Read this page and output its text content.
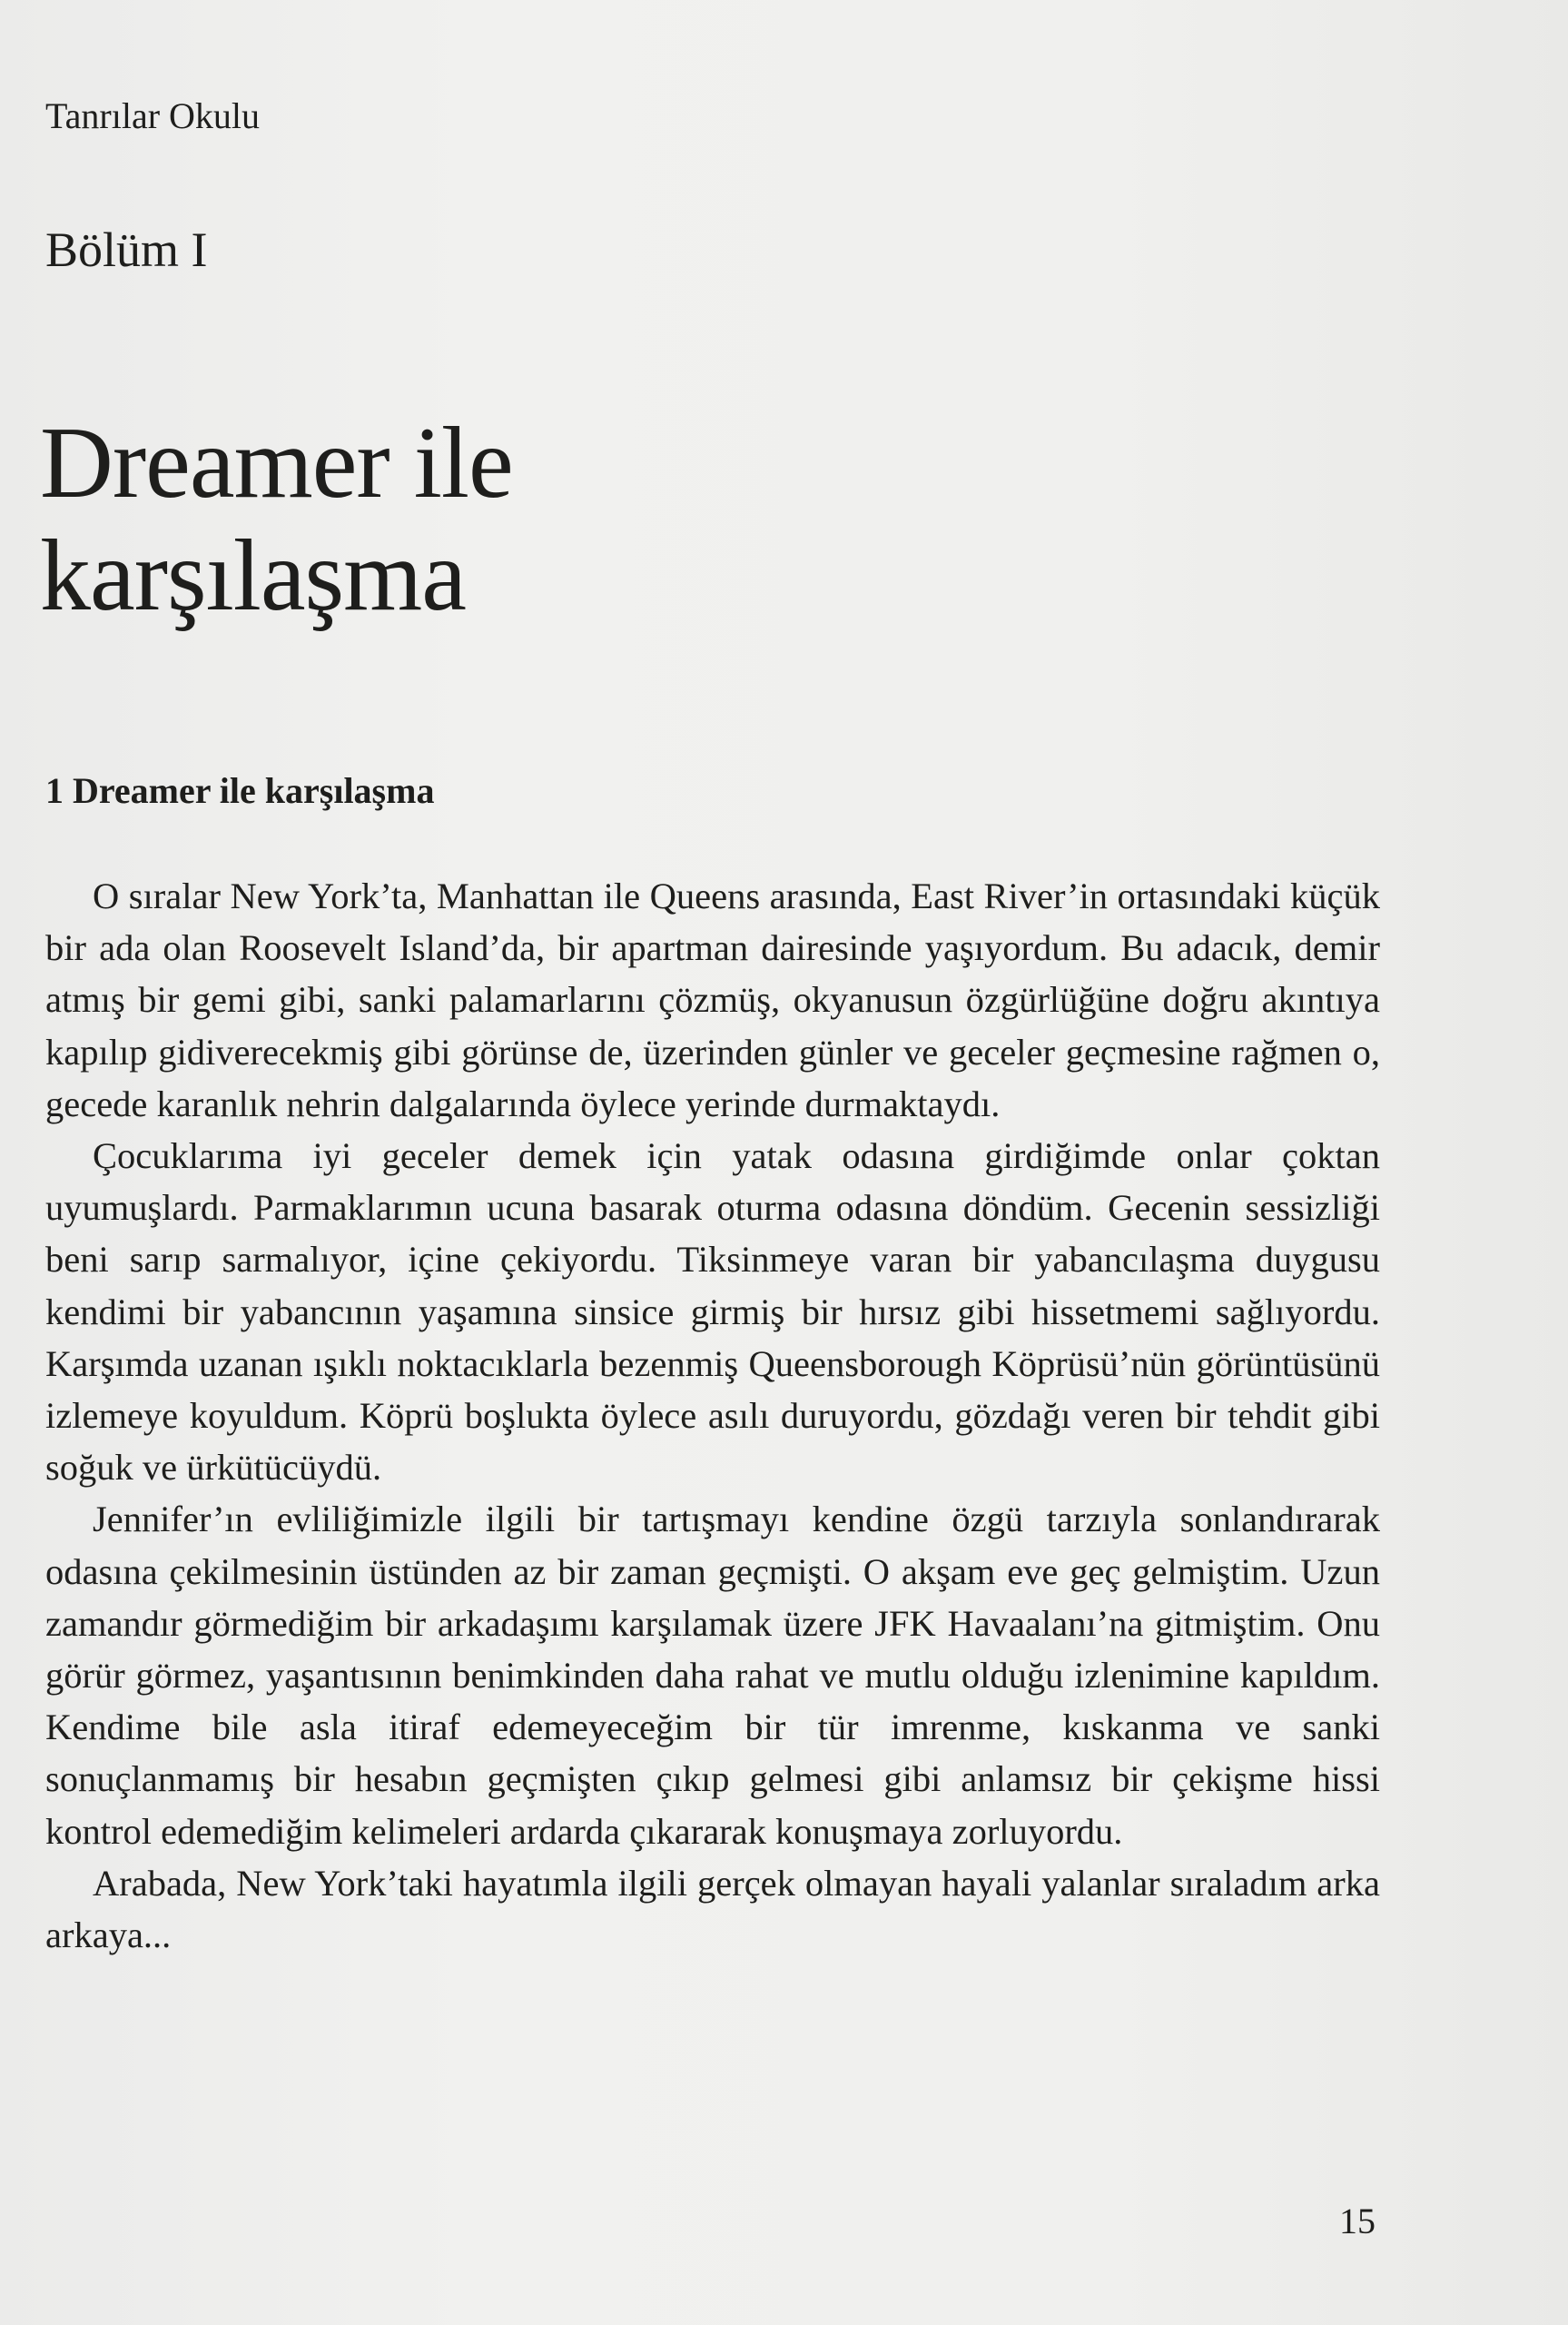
Tanrılar Okulu
Bölüm I
Dreamer ile
karşılaşma
1 Dreamer ile karşılaşma

O sıralar New York’ta, Manhattan ile Queens arasında, East River’in ortasındaki küçük bir ada olan Roosevelt Island’da, bir apartman dairesinde yaşıyordum. Bu adacık, demir atmış bir gemi gibi, sanki palamarlarını çözmüş, okyanusun özgürlüğüne doğru akıntıya kapılıp gidiverecekmiş gibi görünse de, üzerinden günler ve geceler geçmesine rağmen o, gecede karanlık nehrin dalgalarında öylece yerinde durmaktaydı.

Çocuklarıma iyi geceler demek için yatak odasına girdiğimde onlar çoktan uyumuşlardı. Parmaklarımın ucuna basarak oturma odasına döndüm. Gecenin sessizliği beni sarıp sarmalıyor, içine çekiyordu. Tiksinmeye varan bir yabancılaşma duygusu kendimi bir yabancının yaşamına sinsice girmiş bir hırsız gibi hissetmemi sağlıyordu. Karşımda uzanan ışıklı noktacıklarla bezenmiş Queensborough Köprüsü’nün görüntüsünü izlemeye koyuldum. Köprü boşlukta öylece asılı duruyordu, gözdağı veren bir tehdit gibi soğuk ve ürkütücüydü.

Jennifer’ın evliliğimizle ilgili bir tartışmayı kendine özgü tarzıyla sonlandırarak odasına çekilmesinin üstünden az bir zaman geçmişti. O akşam eve geç gelmiştim. Uzun zamandır görmediğim bir arkadaşımı karşılamak üzere JFK Havaalanı’na gitmiştim. Onu görür görmez, yaşantısının benimkinden daha rahat ve mutlu olduğu izlenimine kapıldım. Kendime bile asla itiraf edemeyeceğim bir tür imrenme, kıskanma ve sanki sonuçlanmamış bir hesabın geçmişten çıkıp gelmesi gibi anlamsız bir çekişme hissi kontrol edemediğim kelimeleri ardarda çıkararak konuşmaya zorluyordu.

Arabada, New York’taki hayatımla ilgili gerçek olmayan hayali yalanlar sıraladım arka arkaya...

15
